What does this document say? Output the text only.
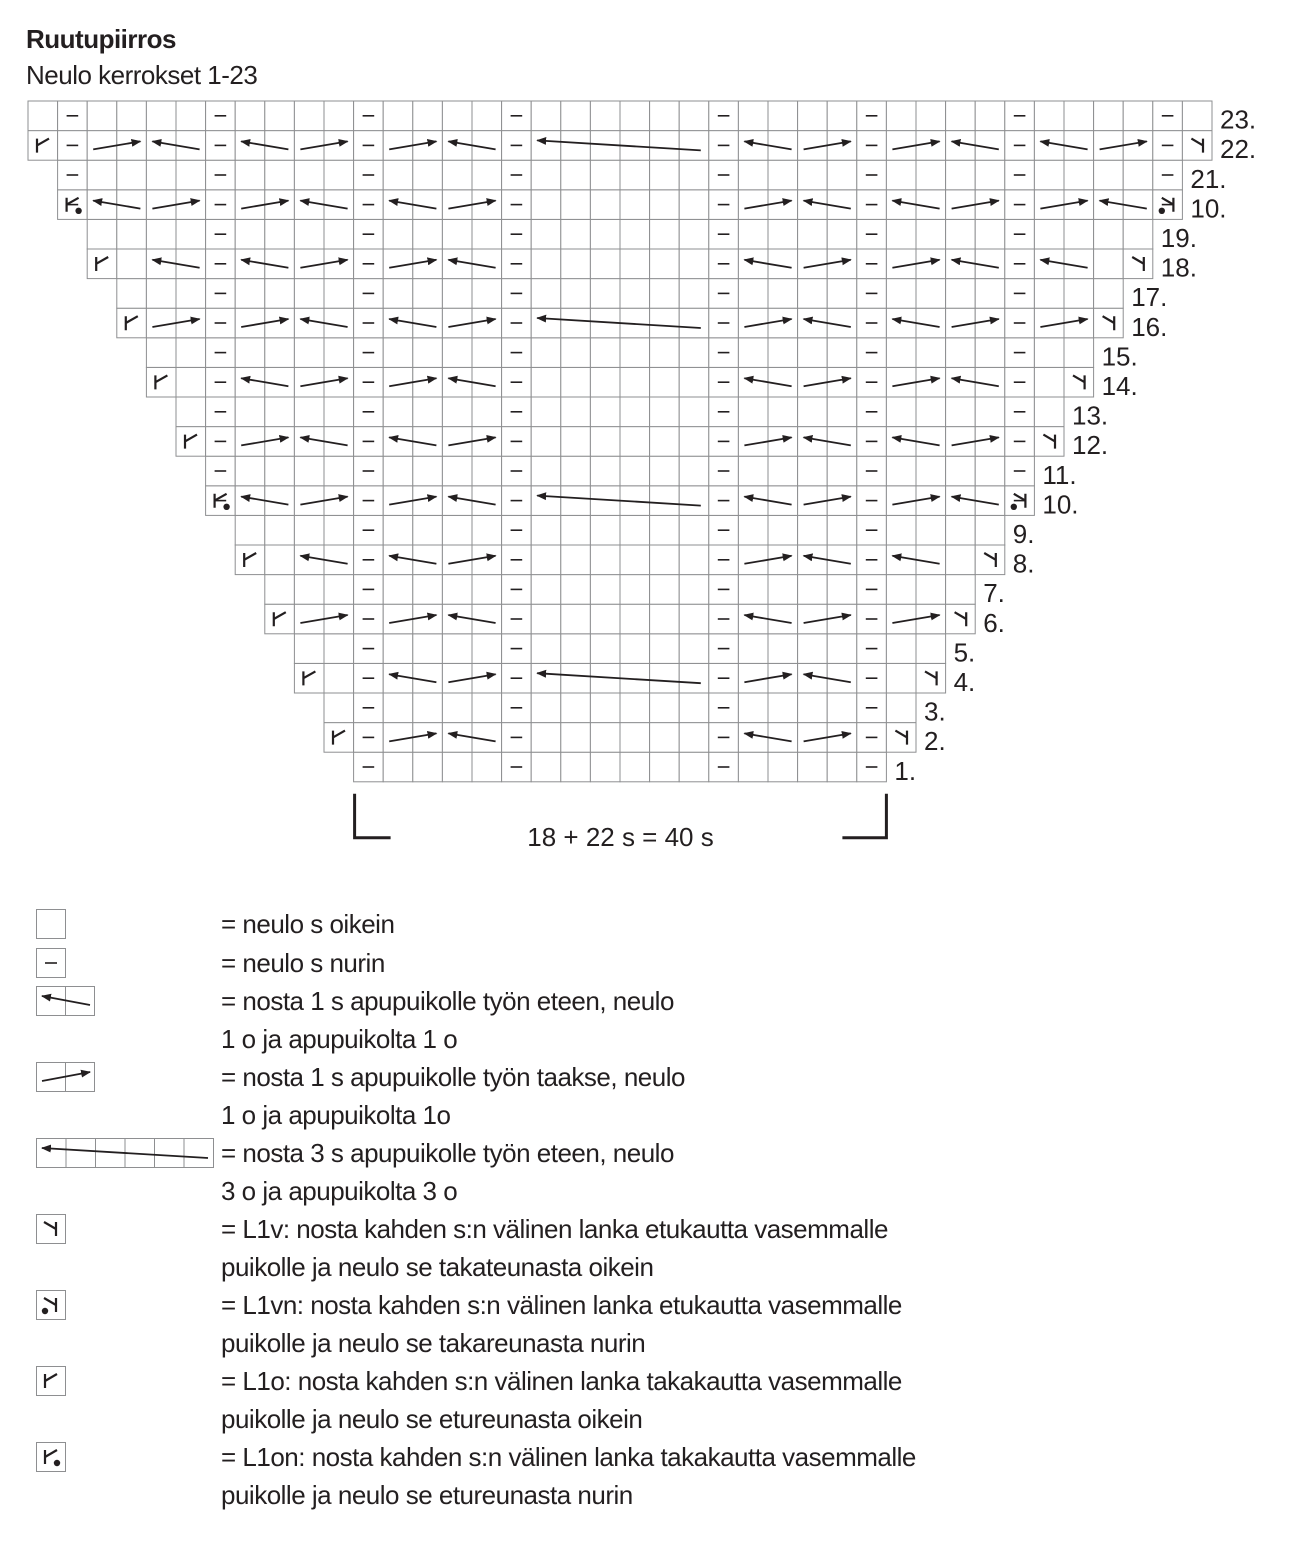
Ruutupiirros
Neulo kerrokset 1-23
1.
2.
3.
4.
5.
6.
7.
8.
9.
10.
11.
12.
13.
14.
15.
16.
17.
18.
19.
10.
21.
22.
23.
18 + 22 s = 40 s
= neulo s oikein
= neulo s nurin
= nosta 1 s apupuikolle työn eteen, neulo
1 o ja apupuikolta 1 o
= nosta 1 s apupuikolle työn taakse, neulo
1 o ja apupuikolta 1o
= nosta 3 s apupuikolle työn eteen, neulo
3 o ja apupuikolta 3 o
= L1v: nosta kahden s:n välinen lanka etukautta vasemmalle
puikolle ja neulo se takateunasta oikein
= L1vn: nosta kahden s:n välinen lanka etukautta vasemmalle
puikolle ja neulo se takareunasta nurin
= L1o: nosta kahden s:n välinen lanka takakautta vasemmalle
puikolle ja neulo se etureunasta oikein
= L1on: nosta kahden s:n välinen lanka takakautta vasemmalle
puikolle ja neulo se etureunasta nurin
